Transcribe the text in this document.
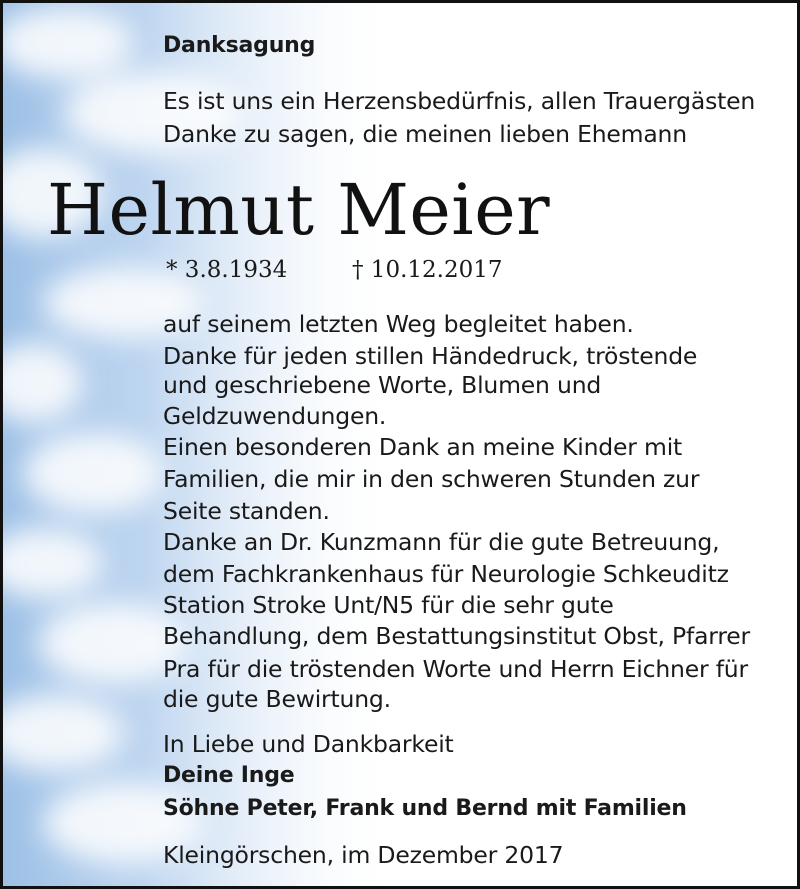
Danksagung
Es ist uns ein Herzensbedürfnis, allen Trauergästen
Danke zu sagen, die meinen lieben Ehemann
Helmut Meier
* 3.8.1934	† 10.12.2017
auf seinem letzten Weg begleitet haben.
Danke für jeden stillen Händedruck, tröstende
und geschriebene Worte, Blumen und
Geldzuwendungen.
Einen besonderen Dank an meine Kinder mit
Familien, die mir in den schweren Stunden zur
Seite standen.
Danke an Dr. Kunzmann für die gute Betreuung,
dem Fachkrankenhaus für Neurologie Schkeuditz
Station Stroke Unt/N5 für die sehr gute
Behandlung, dem Bestattungsinstitut Obst, Pfarrer
Pra für die tröstenden Worte und Herrn Eichner für
die gute Bewirtung.
In Liebe und Dankbarkeit
Deine Inge
Söhne Peter, Frank und Bernd mit Familien
Kleingörschen, im Dezember 2017
